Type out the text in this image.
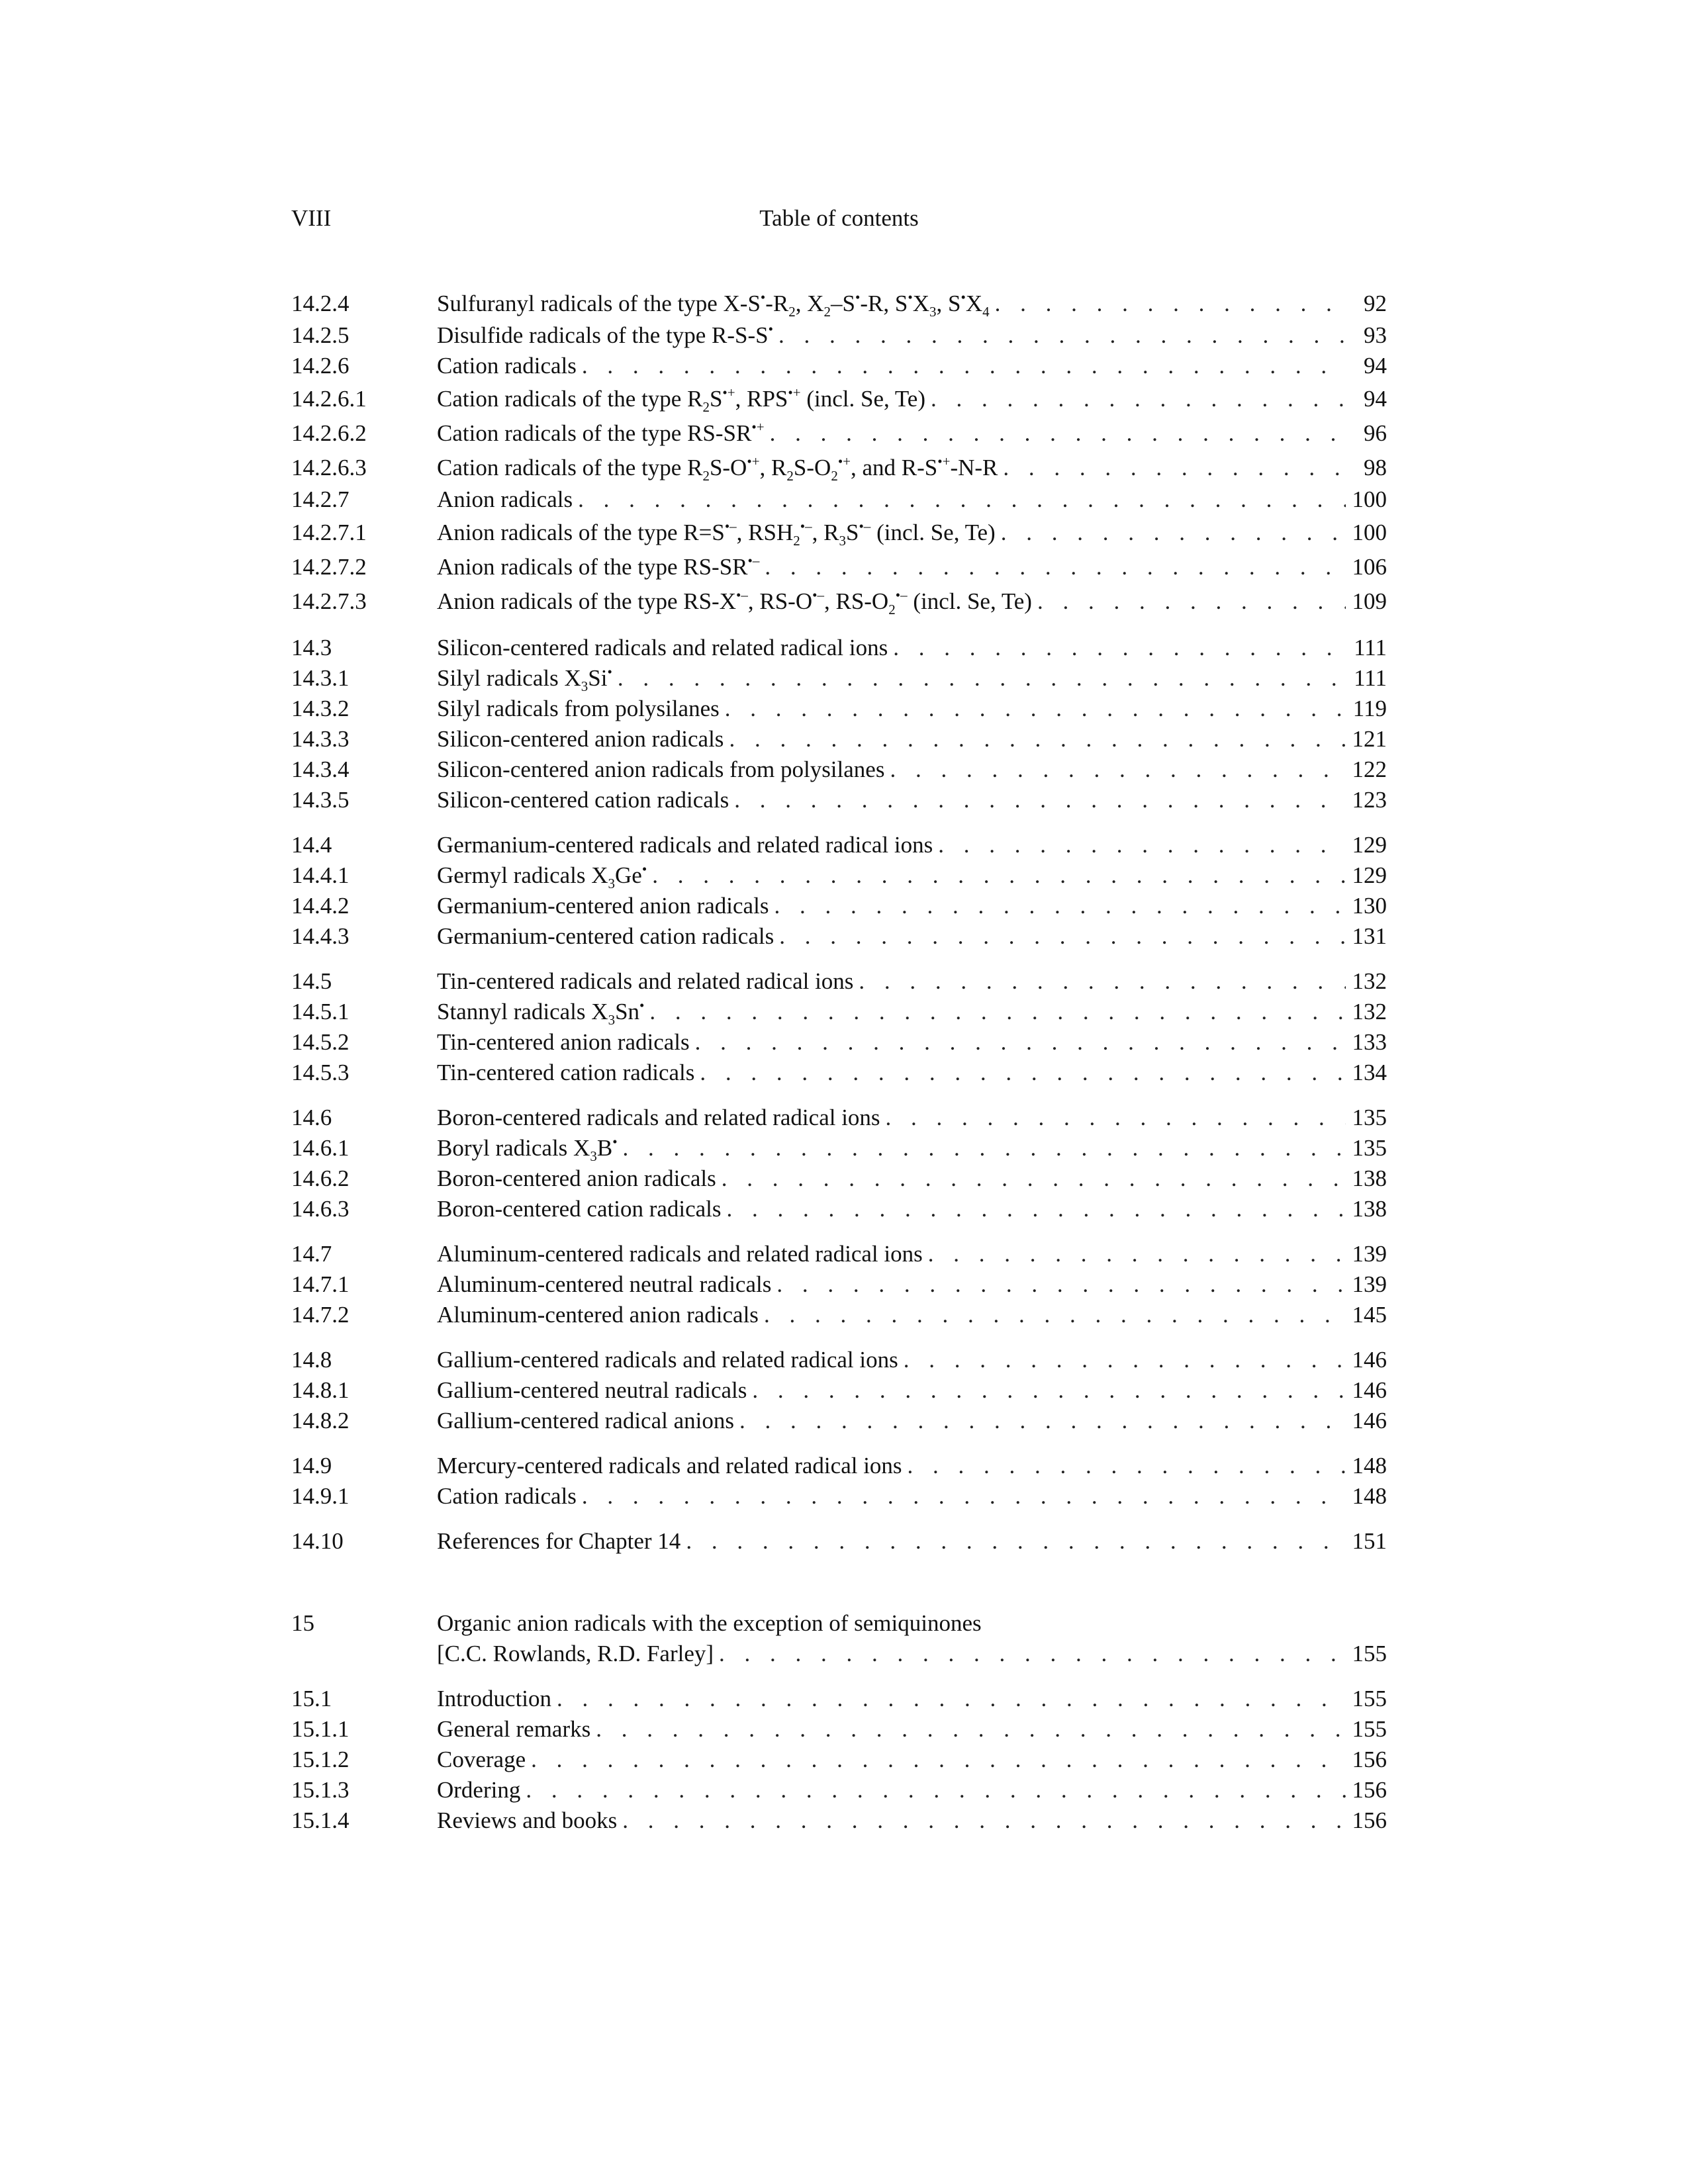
VIII	Table of contents
14.2.4	Sulfuranyl radicals of the type $X-S^•-R_2$, $X_2-S^•-R$, $S^•X_3$, $S^•X_4$ . . .	92
14.2.5	Disulfide radicals of the type R-S-S• . . .	93
14.2.6	Cation radicals . . .	94
14.2.6.1	Cation radicals of the type $R_2S^{•+}$, RPS•+ (incl. Se, Te) . . .	94
14.2.6.2	Cation radicals of the type RS-SR•+ . . .	96
14.2.6.3	Cation radicals of the type $R_2S-O^{•+}$, $R_2S-O_2^{•+}$, and R-S•+-N-R . . .	98
14.2.7	Anion radicals . . .	100
14.2.7.1	Anion radicals of the type R=S•–, $RSH_2^{•-}$, $R_3S^{•-}$ (incl. Se, Te) . . .	100
14.2.7.2	Anion radicals of the type RS-SR•– . . .	106
14.2.7.3	Anion radicals of the type RS-X•–, RS-O•–, $RS-O_2^{•-}$ (incl. Se, Te) . . .	109
14.3	Silicon-centered radicals and related radical ions . . .	111
14.3.1	Silyl radicals $X_3Si^•$ . . .	111
14.3.2	Silyl radicals from polysilanes . . .	119
14.3.3	Silicon-centered anion radicals . . .	121
14.3.4	Silicon-centered anion radicals from polysilanes . . .	122
14.3.5	Silicon-centered cation radicals . . .	123
14.4	Germanium-centered radicals and related radical ions . . .	129
14.4.1	Germyl radicals $X_3Ge^•$ . . .	129
14.4.2	Germanium-centered anion radicals . . .	130
14.4.3	Germanium-centered cation radicals . . .	131
14.5	Tin-centered radicals and related radical ions . . .	132
14.5.1	Stannyl radicals $X_3Sn^•$ . . .	132
14.5.2	Tin-centered anion radicals . . .	133
14.5.3	Tin-centered cation radicals . . .	134
14.6	Boron-centered radicals and related radical ions . . .	135
14.6.1	Boryl radicals $X_3B^•$ . . .	135
14.6.2	Boron-centered anion radicals . . .	138
14.6.3	Boron-centered cation radicals . . .	138
14.7	Aluminum-centered radicals and related radical ions . . .	139
14.7.1	Aluminum-centered neutral radicals . . .	139
14.7.2	Aluminum-centered anion radicals . . .	145
14.8	Gallium-centered radicals and related radical ions . . .	146
14.8.1	Gallium-centered neutral radicals . . .	146
14.8.2	Gallium-centered radical anions . . .	146
14.9	Mercury-centered radicals and related radical ions . . .	148
14.9.1	Cation radicals . . .	148
14.10	References for Chapter 14 . . .	151
15	Organic anion radicals with the exception of semiquinones
[C.C. Rowlands, R.D. Farley] . . .	155
15.1	Introduction . . .	155
15.1.1	General remarks . . .	155
15.1.2	Coverage . . .	156
15.1.3	Ordering . . .	156
15.1.4	Reviews and books . . .	156
